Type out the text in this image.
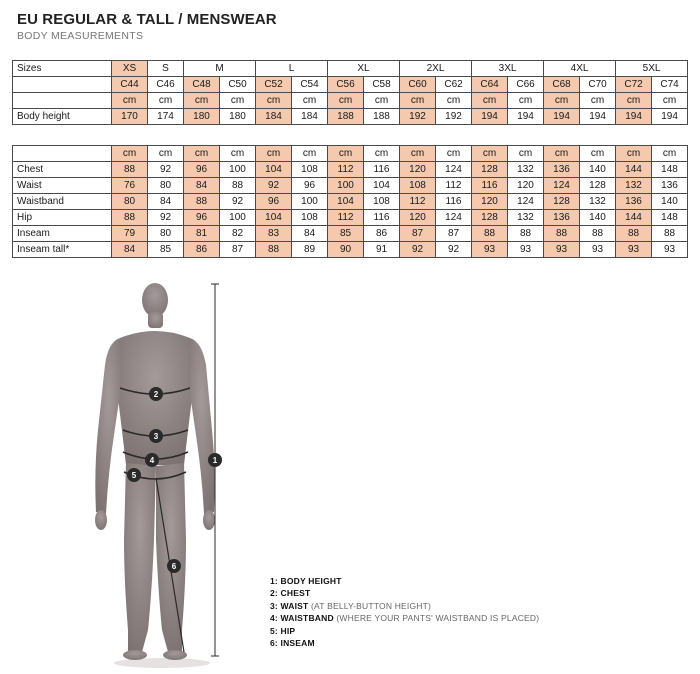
EU REGULAR & TALL / MENSWEAR
BODY MEASUREMENTS
Sizes	XS	S	M		L		XL		2XL		3XL		4XL		5XL	
	C44	C46	C48	C50	C52	C54	C56	C58	C60	C62	C64	C66	C68	C70	C72	C74
	cm	cm	cm	cm	cm	cm	cm	cm	cm	cm	cm	cm	cm	cm	cm	cm
Body height	170	174	180	180	184	184	188	188	192	192	194	194	194	194	194	194
	cm	cm	cm	cm	cm	cm	cm	cm	cm	cm	cm	cm	cm	cm	cm	cm
Chest	88	92	96	100	104	108	112	116	120	124	128	132	136	140	144	148
Waist	76	80	84	88	92	96	100	104	108	112	116	120	124	128	132	136
Waistband	80	84	88	92	96	100	104	108	112	116	120	124	128	132	136	140
Hip	88	92	96	100	104	108	112	116	120	124	128	132	136	140	144	148
Inseam	79	80	81	82	83	84	85	86	87	87	88	88	88	88	88	88
Inseam tall*	84	85	86	87	88	89	90	91	92	92	93	93	93	93	93	93
1
2
3
4
5
6
1: BODY HEIGHT
2: CHEST
3: WAIST (AT BELLY-BUTTON HEIGHT)
4: WAISTBAND (WHERE YOUR PANTS' WAISTBAND IS PLACED)
5: HIP
6: INSEAM
